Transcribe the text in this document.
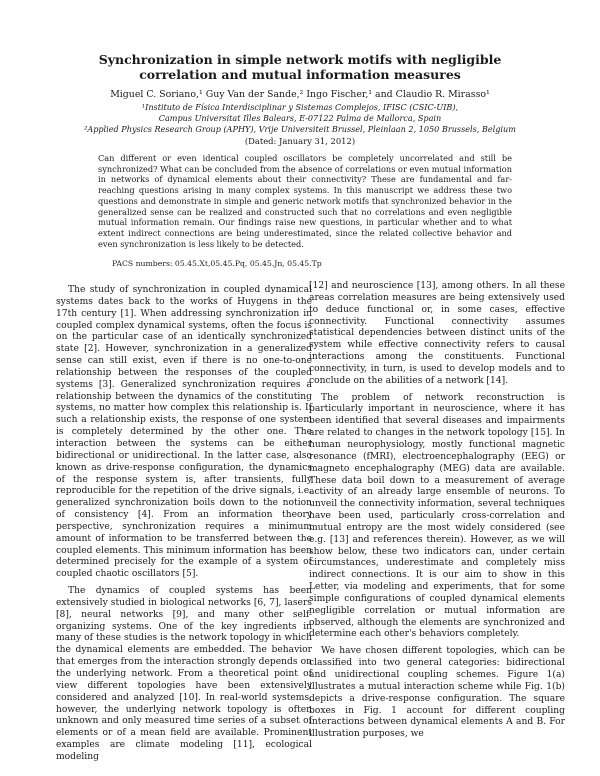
Synchronization in simple network motifs with negligible correlation and mutual information measures
Miguel C. Soriano,¹ Guy Van der Sande,² Ingo Fischer,¹ and Claudio R. Mirasso¹
¹Instituto de Física Interdisciplinar y Sistemas Complejos, IFISC (CSIC-UIB),
Campus Universitat Illes Balears, E-07122 Palma de Mallorca, Spain
²Applied Physics Research Group (APHY), Vrije Universiteit Brussel, Pleinlaan 2, 1050 Brussels, Belgium
(Dated: January 31, 2012)
Can different or even identical coupled oscillators be completely uncorrelated and still be synchronized? What can be concluded from the absence of correlations or even mutual information in networks of dynamical elements about their connectivity? These are fundamental and far-reaching questions arising in many complex systems. In this manuscript we address these two questions and demonstrate in simple and generic network motifs that synchronized behavior in the generalized sense can be realized and constructed such that no correlations and even negligible mutual information remain. Our findings raise new questions, in particular whether and to what extent indirect connections are being underestimated, since the related collective behavior and even synchronization is less likely to be detected.
PACS numbers: 05.45.Xt,05.45.Pq, 05.45.Jn, 05.45.Tp

The study of synchronization in coupled dynamical systems dates back to the works of Huygens in the 17th century [1]. When addressing synchronization in coupled complex dynamical systems, often the focus is on the particular case of an identically synchronized state [2]. However, synchronization in a generalized sense can still exist, even if there is no one-to-one relationship between the responses of the coupled systems [3]. Generalized synchronization requires a relationship between the dynamics of the constituting systems, no matter how complex this relationship is. If such a relationship exists, the response of one system is completely determined by the other one. The interaction between the systems can be either bidirectional or unidirectional. In the latter case, also known as drive-response configuration, the dynamics of the response system is, after transients, fully reproducible for the repetition of the drive signals, i.e. generalized synchronization boils down to the notion of consistency [4]. From an information theory perspective, synchronization requires a minimum amount of information to be transferred between the coupled elements. This minimum information has been determined precisely for the example of a system of coupled chaotic oscillators [5].

The dynamics of coupled systems has been extensively studied in biological networks [6, 7], lasers [8], neural networks [9], and many other self-organizing systems. One of the key ingredients in many of these studies is the network topology in which the dynamical elements are embedded. The behavior that emerges from the interaction strongly depends on the underlying network. From a theoretical point of view different topologies have been extensively considered and analyzed [10]. In real-world systems, however, the underlying network topology is often unknown and only measured time series of a subset of elements or of a mean field are available. Prominent examples are climate modeling [11], ecological modeling

[12] and neuroscience [13], among others. In all these areas correlation measures are being extensively used to deduce functional or, in some cases, effective connectivity. Functional connectivity assumes statistical dependencies between distinct units of the system while effective connectivity refers to causal interactions among the constituents. Functional connectivity, in turn, is used to develop models and to conclude on the abilities of a network [14].

The problem of network reconstruction is particularly important in neuroscience, where it has been identified that several diseases and impairments are related to changes in the network topology [15]. In human neurophysiology, mostly functional magnetic resonance (fMRI), electroencephalography (EEG) or magneto encephalography (MEG) data are available. These data boil down to a measurement of average activity of an already large ensemble of neurons. To unveil the connectivity information, several techniques have been used, particularly cross-correlation and mutual entropy are the most widely considered (see e.g. [13] and references therein). However, as we will show below, these two indicators can, under certain circumstances, underestimate and completely miss indirect connections. It is our aim to show in this Letter, via modeling and experiments, that for some simple configurations of coupled dynamical elements negligible correlation or mutual information are observed, although the elements are synchronized and determine each other's behaviors completely.

We have chosen different topologies, which can be classified into two general categories: bidirectional and unidirectional coupling schemes. Figure 1(a) illustrates a mutual interaction scheme while Fig. 1(b) depicts a drive-response configuration. The square boxes in Fig. 1 account for different coupling interactions between dynamical elements A and B. For illustration purposes, we
